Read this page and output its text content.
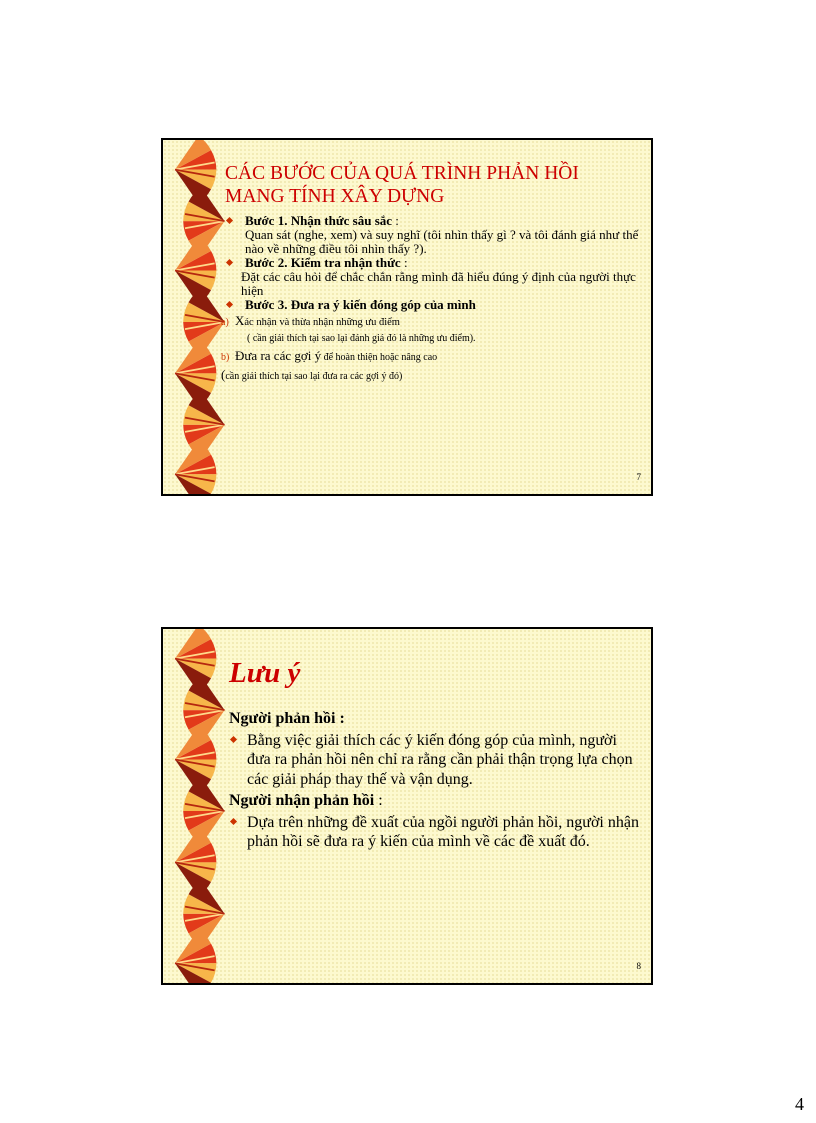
CÁC BƯỚC CỦA QUÁ TRÌNH PHẢN HỒI
MANG TÍNH XÂY DỰNG

Bước 1. Nhận thức sâu sắc :

Quan sát (nghe, xem) và suy nghĩ (tôi nhìn thấy gì ? và tôi đánh giá như thế nào về những điều tôi nhìn thấy ?).

Bước 2. Kiểm tra nhận thức :

Đặt các câu hỏi để chắc chắn rằng mình đã hiểu đúng ý định của người thực hiện

Bước 3. Đưa ra ý kiến đóng góp của mình

a) Xác nhận và thừa nhận những ưu điểm

( cần giải thích tại sao lại đánh giá đó là những ưu điểm).

b) Đưa ra các gợi ý để hoàn thiện hoặc nâng cao

(cần giải thích tại sao lại đưa ra các gợi ý đó)

7
Lưu ý

Người phản hồi :

Bằng việc giải thích các ý kiến đóng góp của mình, người đưa ra phản hồi nên chỉ ra rằng cần phải thận trọng lựa chọn các giải pháp thay thế và vận dụng.

Người nhận phản hồi :

Dựa trên những đề xuất của ngồi người phản hồi, người nhận phản hồi sẽ đưa ra ý kiến của mình về các đề xuất đó.

8
4
